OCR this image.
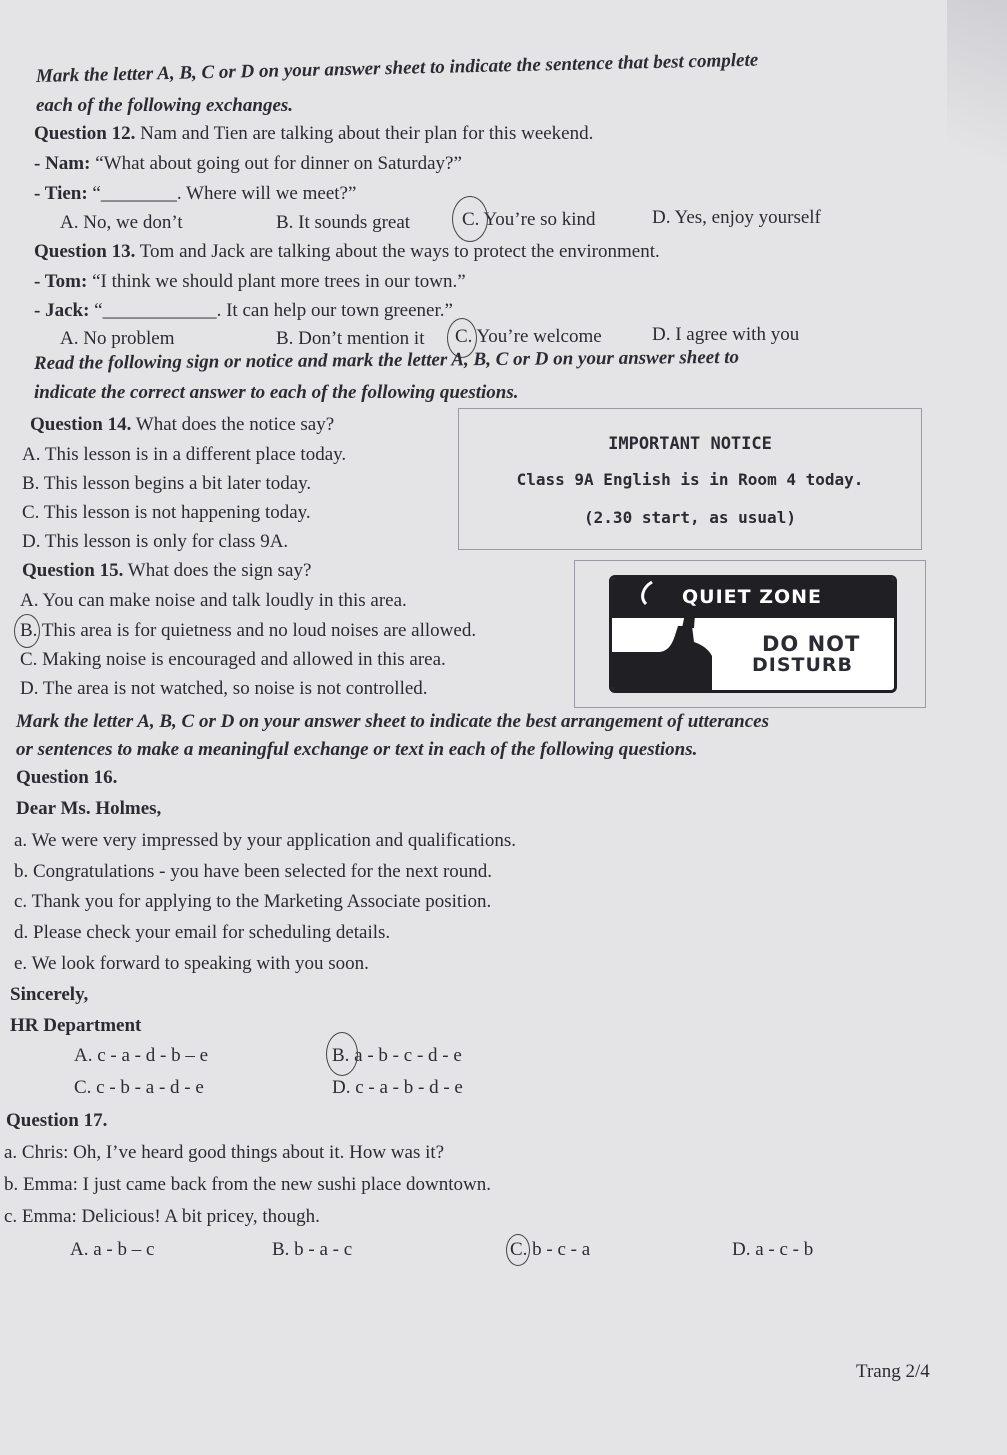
Mark the letter A, B, C or D on your answer sheet to indicate the sentence that best complete
each of the following exchanges.
Question 12. Nam and Tien are talking about their plan for this weekend.
- Nam: “What about going out for dinner on Saturday?”
- Tien: “________. Where will we meet?”
A. No, we don’t	B. It sounds great	C. You’re so kind	D. Yes, enjoy yourself
Question 13. Tom and Jack are talking about the ways to protect the environment.
- Tom: “I think we should plant more trees in our town.”
- Jack: “____________. It can help our town greener.”
A. No problem	B. Don’t mention it C. You’re welcome	D. I agree with you
Read the following sign or notice and mark the letter A, B, C or D on your answer sheet to
indicate the correct answer to each of the following questions.
Question 14. What does the notice say?
A. This lesson is in a different place today.
B. This lesson begins a bit later today.
C. This lesson is not happening today.
D. This lesson is only for class 9A.
IMPORTANT NOTICE
Class 9A English is in Room 4 today.
(2.30 start, as usual)
Question 15. What does the sign say?
A. You can make noise and talk loudly in this area.
B. This area is for quietness and no loud noises are allowed.
C. Making noise is encouraged and allowed in this area.
D. The area is not watched, so noise is not controlled.
QUIET ZONE
DO NOT
DISTURB
Mark the letter A, B, C or D on your answer sheet to indicate the best arrangement of utterances
or sentences to make a meaningful exchange or text in each of the following questions.
Question 16.
Dear Ms. Holmes,
a. We were very impressed by your application and qualifications.
b. Congratulations - you have been selected for the next round.
c. Thank you for applying to the Marketing Associate position.
d. Please check your email for scheduling details.
e. We look forward to speaking with you soon.
Sincerely,
HR Department
A. c - a - d - b – e	B. a - b - c - d - e
C. c - b - a - d - e	D. c - a - b - d - e
Question 17.
a. Chris: Oh, I’ve heard good things about it. How was it?
b. Emma: I just came back from the new sushi place downtown.
c. Emma: Delicious! A bit pricey, though.
A. a - b – c	B. b - a - c	C. b - c - a	D. a - c - b
Trang 2/4
